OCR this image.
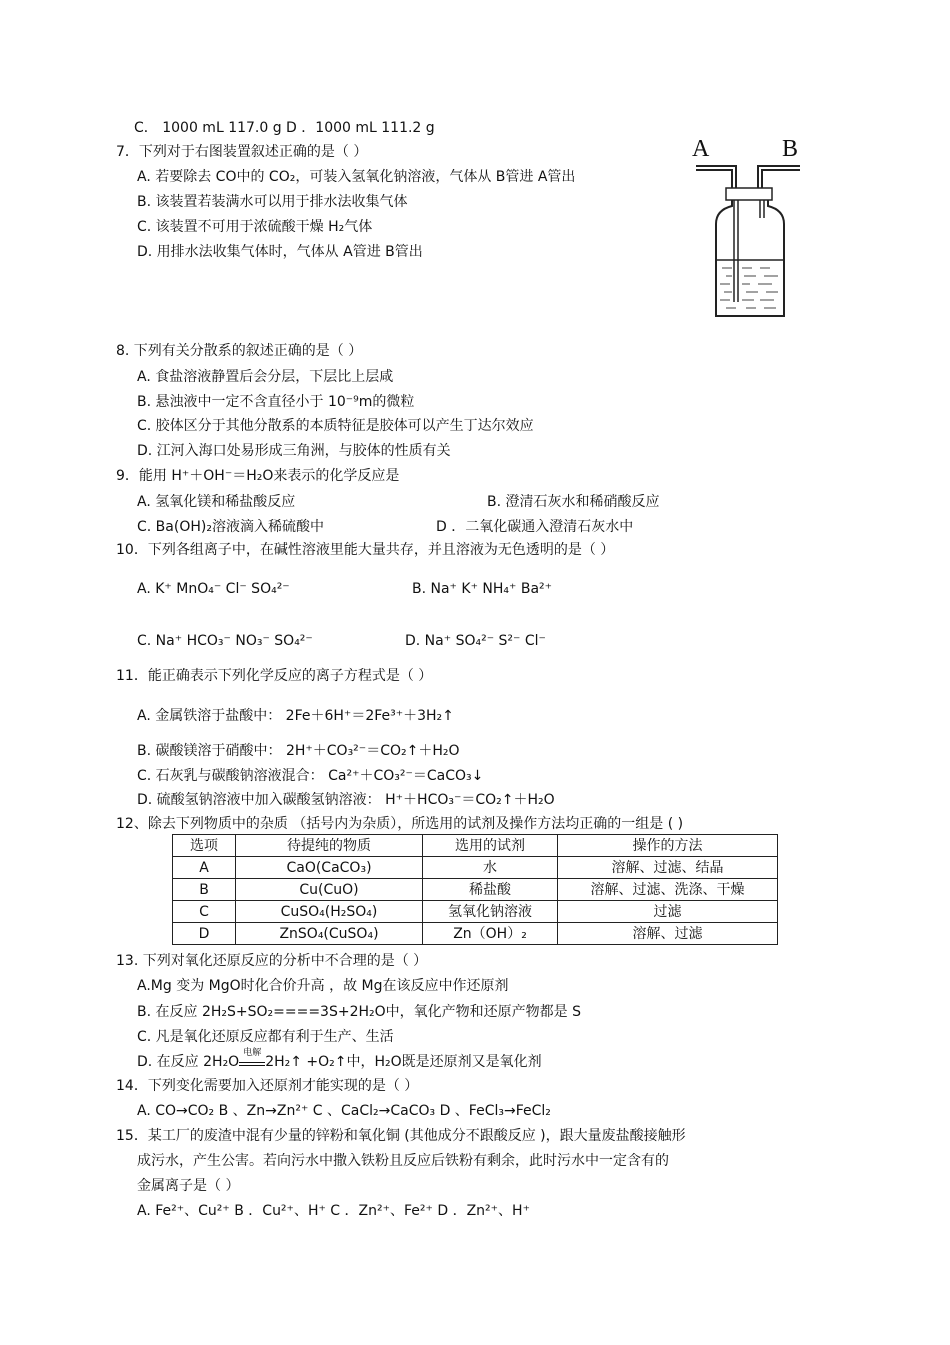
A	B
C． 1000 mL 117.0 g D ．1000 mL 111.2 g
7．下列对于右图装置叙述正确的是（ ）
A. 若要除去 CO中的 CO₂，可装入氢氧化钠溶液，气体从 B管进 A管出
B. 该装置若装满水可以用于排水法收集气体
C. 该装置不可用于浓硫酸干燥 H₂气体
D. 用排水法收集气体时，气体从 A管进 B管出
8. 下列有关分散系的叙述正确的是（ ）
A. 食盐溶液静置后会分层，下层比上层咸
B. 悬浊液中一定不含直径小于 10⁻⁹m的微粒
C. 胶体区分于其他分散系的本质特征是胶体可以产生丁达尔效应
D. 江河入海口处易形成三角洲，与胶体的性质有关
9．能用 H⁺＋OH⁻＝H₂O来表示的化学反应是
A. 氢氧化镁和稀盐酸反应	B. 澄清石灰水和稀硝酸反应
C. Ba(OH)₂溶液滴入稀硫酸中	D ．二氧化碳通入澄清石灰水中
10．下列各组离子中，在碱性溶液里能大量共存，并且溶液为无色透明的是（ ）
A. K⁺ MnO₄⁻ Cl⁻ SO₄²⁻	B. Na⁺ K⁺ NH₄⁺ Ba²⁺
C. Na⁺ HCO₃⁻ NO₃⁻ SO₄²⁻	D. Na⁺ SO₄²⁻ S²⁻ Cl⁻
11．能正确表示下列化学反应的离子方程式是（ ）
A. 金属铁溶于盐酸中： 2Fe＋6H⁺＝2Fe³⁺＋3H₂↑
B. 碳酸镁溶于硝酸中： 2H⁺＋CO₃²⁻＝CO₂↑＋H₂O
C. 石灰乳与碳酸钠溶液混合： Ca²⁺＋CO₃²⁻＝CaCO₃↓
D. 硫酸氢钠溶液中加入碳酸氢钠溶液： H⁺＋HCO₃⁻＝CO₂↑＋H₂O
12、除去下列物质中的杂质 （括号内为杂质），所选用的试剂及操作方法均正确的一组是 ( )
选项	待提纯的物质	选用的试剂	操作的方法
A	CaO(CaCO₃)	水	溶解、过滤、结晶
B	Cu(CuO)	稀盐酸	溶解、过滤、洗涤、干燥
C	CuSO₄(H₂SO₄)	氢氧化钠溶液	过滤
D	ZnSO₄(CuSO₄)	Zn（OH）₂	溶解、过滤
13. 下列对氧化还原反应的分析中不合理的是（ ）
A.Mg 变为 MgO时化合价升高 ，故 Mg在该反应中作还原剂
B. 在反应 2H₂S+SO₂====3S+2H₂O中，氧化产物和还原产物都是 S
C. 凡是氧化还原反应都有利于生产、生活
D. 在反应 2H₂O
电解
2H₂↑ +O₂↑中，H₂O既是还原剂又是氧化剂
14．下列变化需要加入还原剂才能实现的是（ ）
A. CO→CO₂ B 、Zn→Zn²⁺ C 、CaCl₂→CaCO₃ D 、FeCl₃→FeCl₂
15．某工厂的废渣中混有少量的锌粉和氧化铜 (其他成分不跟酸反应 )，跟大量废盐酸接触形
成污水，产生公害。若向污水中撒入铁粉且反应后铁粉有剩余，此时污水中一定含有的
金属离子是（ ）
A. Fe²⁺、Cu²⁺ B ．Cu²⁺、H⁺ C ．Zn²⁺、Fe²⁺ D ．Zn²⁺、H⁺
